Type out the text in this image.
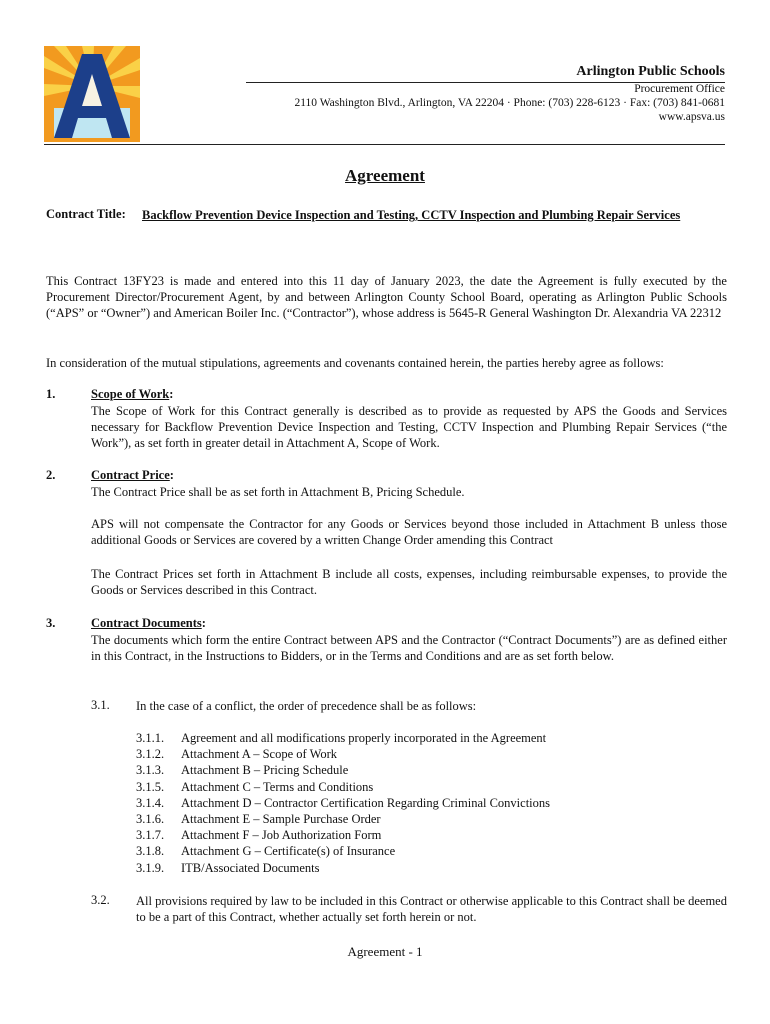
Arlington Public Schools
Procurement Office
2110 Washington Blvd., Arlington, VA 22204 · Phone: (703) 228-6123 · Fax: (703) 841-0681
www.apsva.us
Agreement
Contract Title: Backflow Prevention Device Inspection and Testing, CCTV Inspection and Plumbing Repair Services
This Contract 13FY23 is made and entered into this 11 day of January 2023, the date the Agreement is fully executed by the Procurement Director/Procurement Agent, by and between Arlington County School Board, operating as Arlington Public Schools (“APS” or “Owner”) and American Boiler Inc. (“Contractor”), whose address is 5645-R General Washington Dr. Alexandria VA 22312
In consideration of the mutual stipulations, agreements and covenants contained herein, the parties hereby agree as follows:
1.	Scope of Work:
The Scope of Work for this Contract generally is described as to provide as requested by APS the Goods and Services necessary for Backflow Prevention Device Inspection and Testing, CCTV Inspection and Plumbing Repair Services (“the Work”), as set forth in greater detail in Attachment A, Scope of Work.
2.	Contract Price:
The Contract Price shall be as set forth in Attachment B, Pricing Schedule.
APS will not compensate the Contractor for any Goods or Services beyond those included in Attachment B unless those additional Goods or Services are covered by a written Change Order amending this Contract
The Contract Prices set forth in Attachment B include all costs, expenses, including reimbursable expenses, to provide the Goods or Services described in this Contract.
3.	Contract Documents:
The documents which form the entire Contract between APS and the Contractor (“Contract Documents”) are as defined either in this Contract, in the Instructions to Bidders, or in the Terms and Conditions and are as set forth below.
3.1. In the case of a conflict, the order of precedence shall be as follows:
3.1.1.	Agreement and all modifications properly incorporated in the Agreement
3.1.2.	Attachment A – Scope of Work
3.1.3.	Attachment B – Pricing Schedule
3.1.5.	Attachment C – Terms and Conditions
3.1.4.	Attachment D – Contractor Certification Regarding Criminal Convictions
3.1.6.	Attachment E – Sample Purchase Order
3.1.7.	Attachment F – Job Authorization Form
3.1.8.	Attachment G – Certificate(s) of Insurance
3.1.9.	ITB/Associated Documents
3.2. All provisions required by law to be included in this Contract or otherwise applicable to this Contract shall be deemed to be a part of this Contract, whether actually set forth herein or not.
Agreement - 1
